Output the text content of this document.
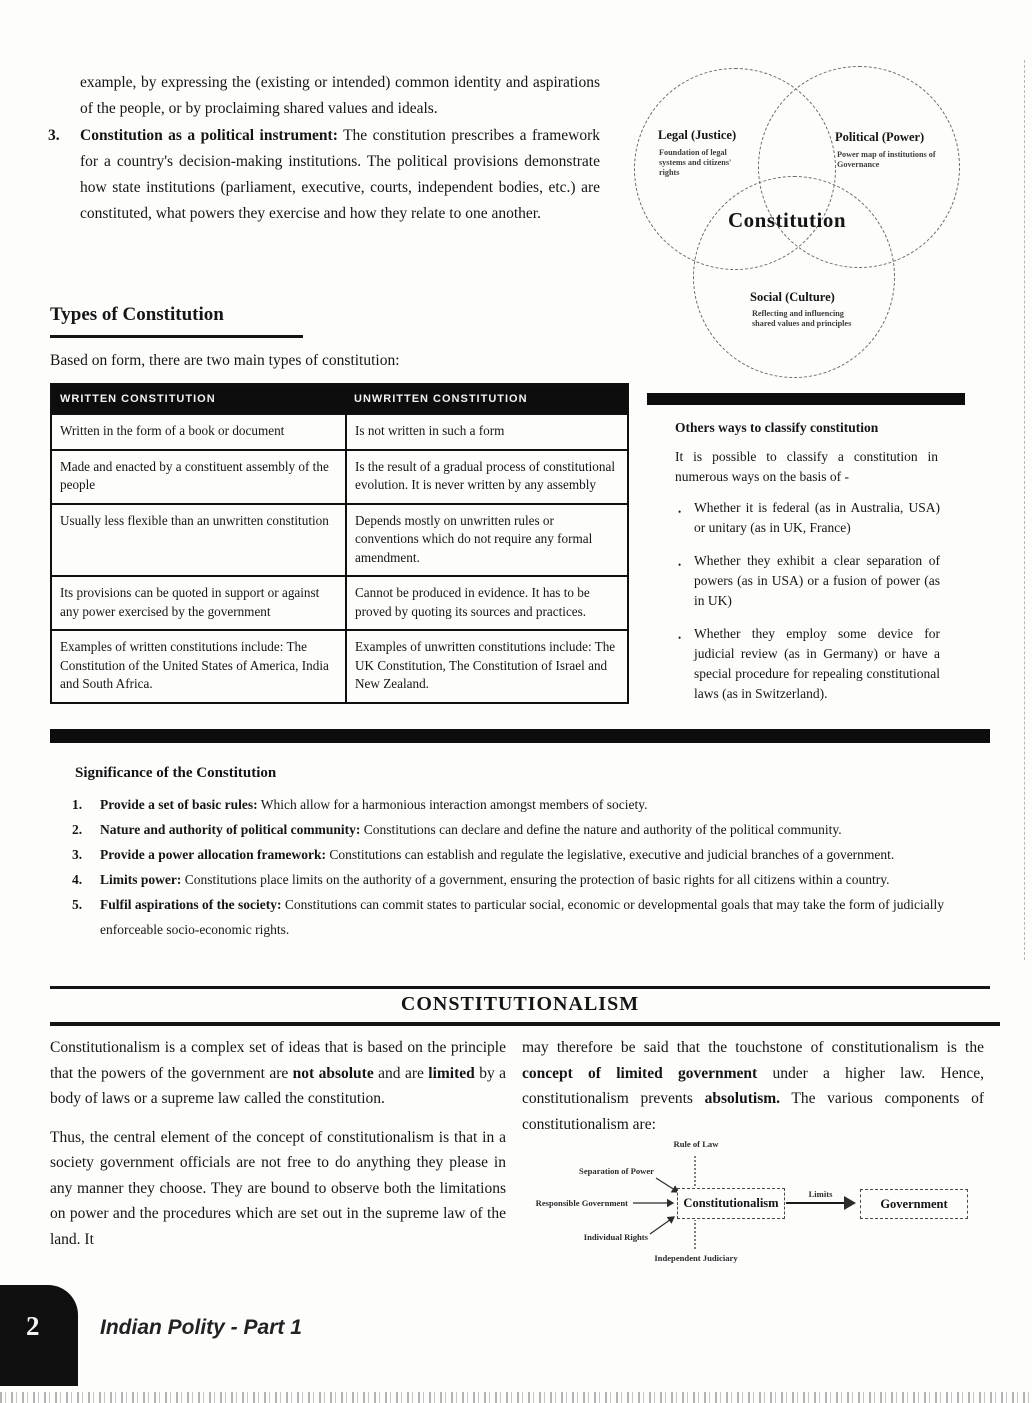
example, by expressing the (existing or intended) common identity and aspirations of the people, or by proclaiming shared values and ideals.

3.	Constitution as a political instrument: The constitution prescribes a framework for a country's decision-making institutions. The political provisions demonstrate how state institutions (parliament, executive, courts, independent bodies, etc.) are constituted, what powers they exercise and how they relate to one another.
Legal (Justice)
Foundation of legal systems and citizens' rights
Political (Power)
Power map of institutions of Governance
Constitution
Social (Culture)
Reflecting and influencing shared values and principles
Types of Constitution
Based on form, there are two main types of constitution:
WRITTEN CONSTITUTION	UNWRITTEN CONSTITUTION
Written in the form of a book or document	Is not written in such a form
Made and enacted by a constituent assembly of the people	Is the result of a gradual process of constitutional evolution. It is never written by any assembly
Usually less flexible than an unwritten constitution	Depends mostly on unwritten rules or conventions which do not require any formal amendment.
Its provisions can be quoted in support or against any power exercised by the government	Cannot be produced in evidence. It has to be proved by quoting its sources and practices.
Examples of written constitutions include: The Constitution of the United States of America, India and South Africa.	Examples of unwritten constitutions include: The UK Constitution, The Constitution of Israel and New Zealand.
Others ways to classify constitution
It is possible to classify a constitution in numerous ways on the basis of -
• Whether it is federal (as in Australia, USA) or unitary (as in UK, France)
• Whether they exhibit a clear separation of powers (as in USA) or a fusion of power (as in UK)
• Whether they employ some device for judicial review (as in Germany) or have a special procedure for repealing constitutional laws (as in Switzerland).
Significance of the Constitution
1.	Provide a set of basic rules: Which allow for a harmonious interaction amongst members of society.
2.	Nature and authority of political community: Constitutions can declare and define the nature and authority of the political community.
3.	Provide a power allocation framework: Constitutions can establish and regulate the legislative, executive and judicial branches of a government.
4.	Limits power: Constitutions place limits on the authority of a government, ensuring the protection of basic rights for all citizens within a country.
5.	Fulfil aspirations of the society: Constitutions can commit states to particular social, economic or developmental goals that may take the form of judicially enforceable socio-economic rights.
CONSTITUTIONALISM

Constitutionalism is a complex set of ideas that is based on the principle that the powers of the government are not absolute and are limited by a body of laws or a supreme law called the constitution.

Thus, the central element of the concept of constitutionalism is that in a society government officials are not free to do anything they please in any manner they choose. They are bound to observe both the limitations on power and the procedures which are set out in the supreme law of the land. It

may therefore be said that the touchstone of constitutionalism is the concept of limited government under a higher law. Hence, constitutionalism prevents absolutism. The various components of constitutionalism are:

Rule of Law
Separation of Power
Responsible Government
Individual Rights
Independent Judiciary
Limits
Constitutionalism	Government
2	Indian Polity - Part 1
